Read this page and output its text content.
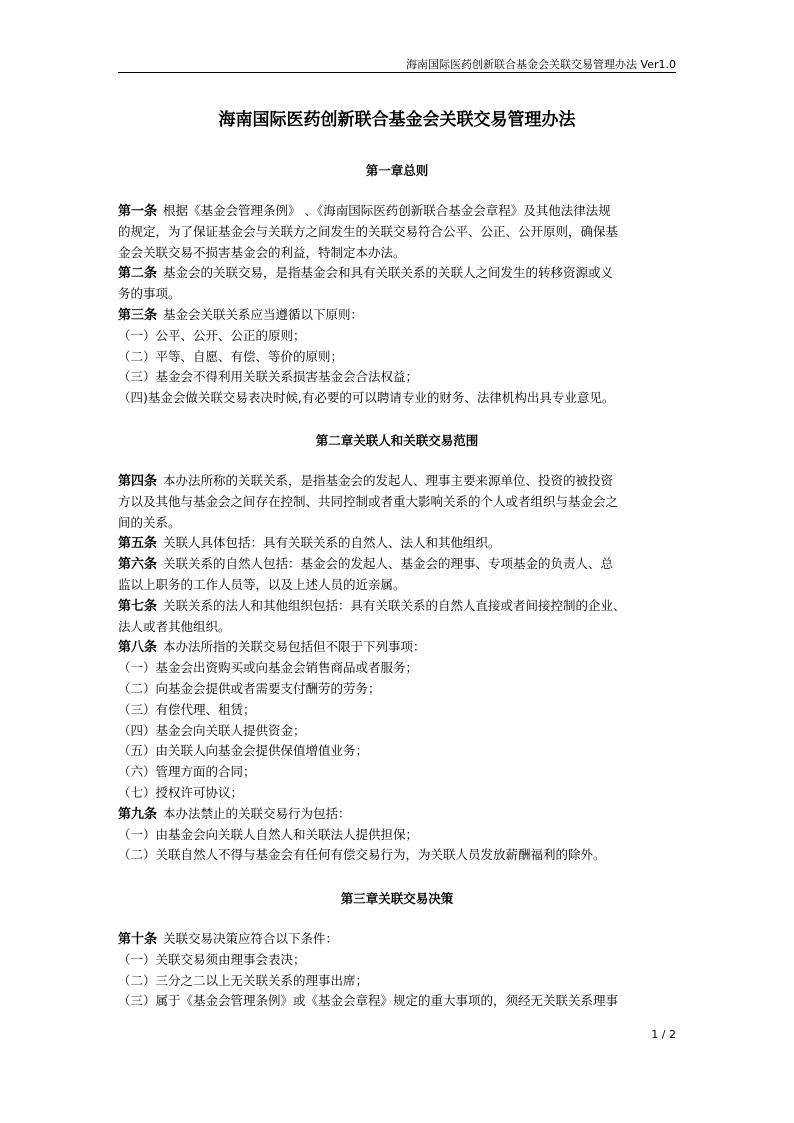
海南国际医药创新联合基金会关联交易管理办法 Ver1.0
海南国际医药创新联合基金会关联交易管理办法
第一章总则
第一条 根据《基金会管理条例》 、《海南国际医药创新联合基金会章程》及其他法律法规
的规定，为了保证基金会与关联方之间发生的关联交易符合公平、公正、公开原则，确保基
金会关联交易不损害基金会的利益，特制定本办法。
第二条 基金会的关联交易，是指基金会和具有关联关系的关联人之间发生的转移资源或义
务的事项。
第三条 基金会关联关系应当遵循以下原则：
（一）公平、公开、公正的原则；
（二）平等、自愿、有偿、等价的原则；
（三）基金会不得利用关联关系损害基金会合法权益；
（四)基金会做关联交易表决时候,有必要的可以聘请专业的财务、法律机构出具专业意见。
第二章关联人和关联交易范围
第四条 本办法所称的关联关系，是指基金会的发起人、理事主要来源单位、投资的被投资
方以及其他与基金会之间存在控制、共同控制或者重大影响关系的个人或者组织与基金会之
间的关系。
第五条 关联人具体包括：具有关联关系的自然人、法人和其他组织。
第六条 关联关系的自然人包括：基金会的发起人、基金会的理事、专项基金的负责人、总
监以上职务的工作人员等，以及上述人员的近亲属。
第七条 关联关系的法人和其他组织包括：具有关联关系的自然人直接或者间接控制的企业、
法人或者其他组织。
第八条 本办法所指的关联交易包括但不限于下列事项：
（一）基金会出资购买或向基金会销售商品或者服务；
（二）向基金会提供或者需要支付酬劳的劳务；
（三）有偿代理、租赁；
（四）基金会向关联人提供资金；
（五）由关联人向基金会提供保值增值业务；
（六）管理方面的合同；
（七）授权许可协议；
第九条 本办法禁止的关联交易行为包括：
（一）由基金会向关联人自然人和关联法人提供担保；
（二）关联自然人不得与基金会有任何有偿交易行为，为关联人员发放薪酬福利的除外。
第三章关联交易决策
第十条 关联交易决策应符合以下条件：
（一）关联交易须由理事会表决；
（二）三分之二以上无关联关系的理事出席；
（三）属于《基金会管理条例》或《基金会章程》规定的重大事项的，须经无关联关系理事
1 / 2
